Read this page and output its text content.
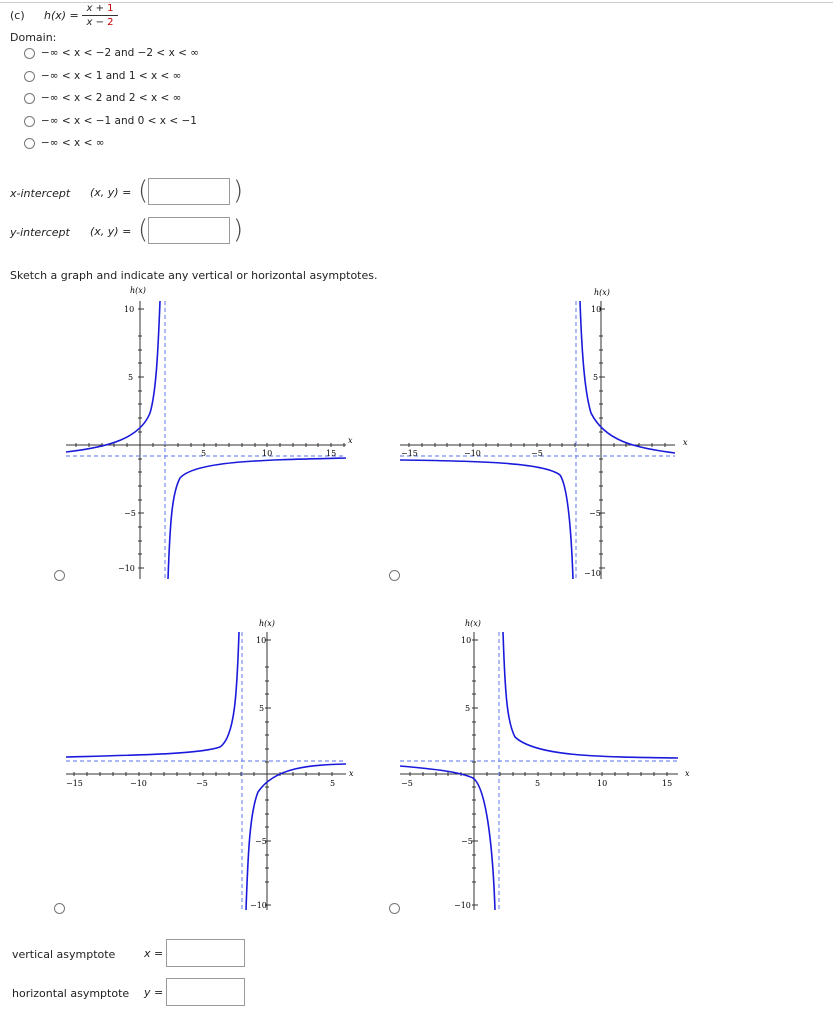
(c) h(x) =
x + 1
x − 2
Domain:
−∞ < x < −2 and −2 < x < ∞
−∞ < x < 1 and 1 < x < ∞
−∞ < x < 2 and 2 < x < ∞
−∞ < x < −1 and 0 < x < −1
−∞ < x < ∞
x-intercept (x, y) = (	)
y-intercept (x, y) = (	)
Sketch a graph and indicate any vertical or horizontal asymptotes.
h(x)
x
5	10	15
10
5
−5
−10
h(x)
x
−15	−10	−5
10
5
−5
−10
h(x)
x
−15	−10	−5	5
10
5
−5
−10
h(x)
x
−5	5	10	15
10
5
−5
−10
vertical asymptote	x =
horizontal asymptote y =
